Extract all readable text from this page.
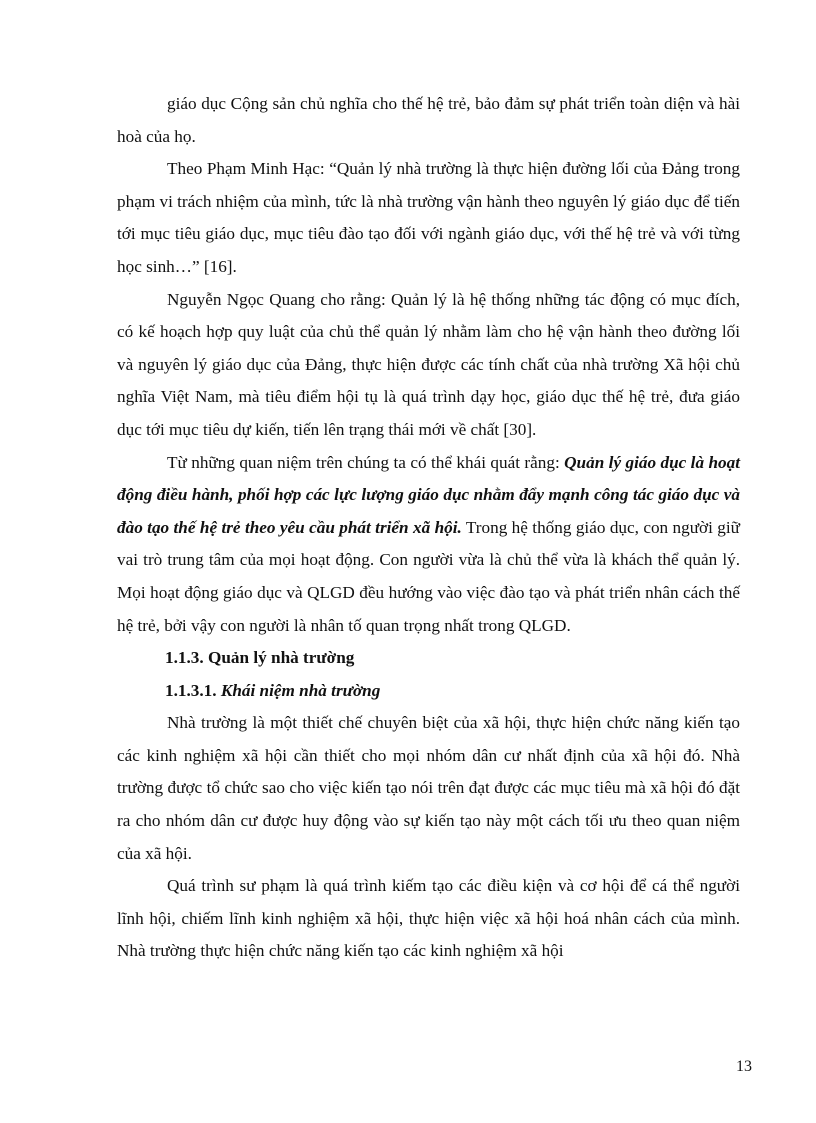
giáo dục Cộng sản chủ nghĩa cho thế hệ trẻ, bảo đảm sự phát triển toàn diện và hài hoà của họ.

Theo Phạm Minh Hạc: “Quản lý nhà trường là thực hiện đường lối của Đảng trong phạm vi trách nhiệm của mình, tức là nhà trường vận hành theo nguyên lý giáo dục để tiến tới mục tiêu giáo dục, mục tiêu đào tạo đối với ngành giáo dục, với thế hệ trẻ và với từng học sinh…” [16].

Nguyễn Ngọc Quang cho rằng: Quản lý là hệ thống những tác động có mục đích, có kế hoạch hợp quy luật của chủ thể quản lý nhằm làm cho hệ vận hành theo đường lối và nguyên lý giáo dục của Đảng, thực hiện được các tính chất của nhà trường Xã hội chủ nghĩa Việt Nam, mà tiêu điểm hội tụ là quá trình dạy học, giáo dục thế hệ trẻ, đưa giáo dục tới mục tiêu dự kiến, tiến lên trạng thái mới về chất [30].

Từ những quan niệm trên chúng ta có thể khái quát rằng: Quản lý giáo dục là hoạt động điều hành, phối hợp các lực lượng giáo dục nhằm đẩy mạnh công tác giáo dục và đào tạo thế hệ trẻ theo yêu cầu phát triển xã hội. Trong hệ thống giáo dục, con người giữ vai trò trung tâm của mọi hoạt động. Con người vừa là chủ thể vừa là khách thể quản lý. Mọi hoạt động giáo dục và QLGD đều hướng vào việc đào tạo và phát triển nhân cách thế hệ trẻ, bởi vậy con người là nhân tố quan trọng nhất trong QLGD.

1.1.3. Quản lý nhà trường

1.1.3.1. Khái niệm nhà trường

Nhà trường là một thiết chế chuyên biệt của xã hội, thực hiện chức năng kiến tạo các kinh nghiệm xã hội cần thiết cho mọi nhóm dân cư nhất định của xã hội đó. Nhà trường được tổ chức sao cho việc kiến tạo nói trên đạt được các mục tiêu mà xã hội đó đặt ra cho nhóm dân cư được huy động vào sự kiến tạo này một cách tối ưu theo quan niệm của xã hội.

Quá trình sư phạm là quá trình kiếm tạo các điều kiện và cơ hội để cá thể người lĩnh hội, chiếm lĩnh kinh nghiệm xã hội, thực hiện việc xã hội hoá nhân cách của mình. Nhà trường thực hiện chức năng kiến tạo các kinh nghiệm xã hội

13
